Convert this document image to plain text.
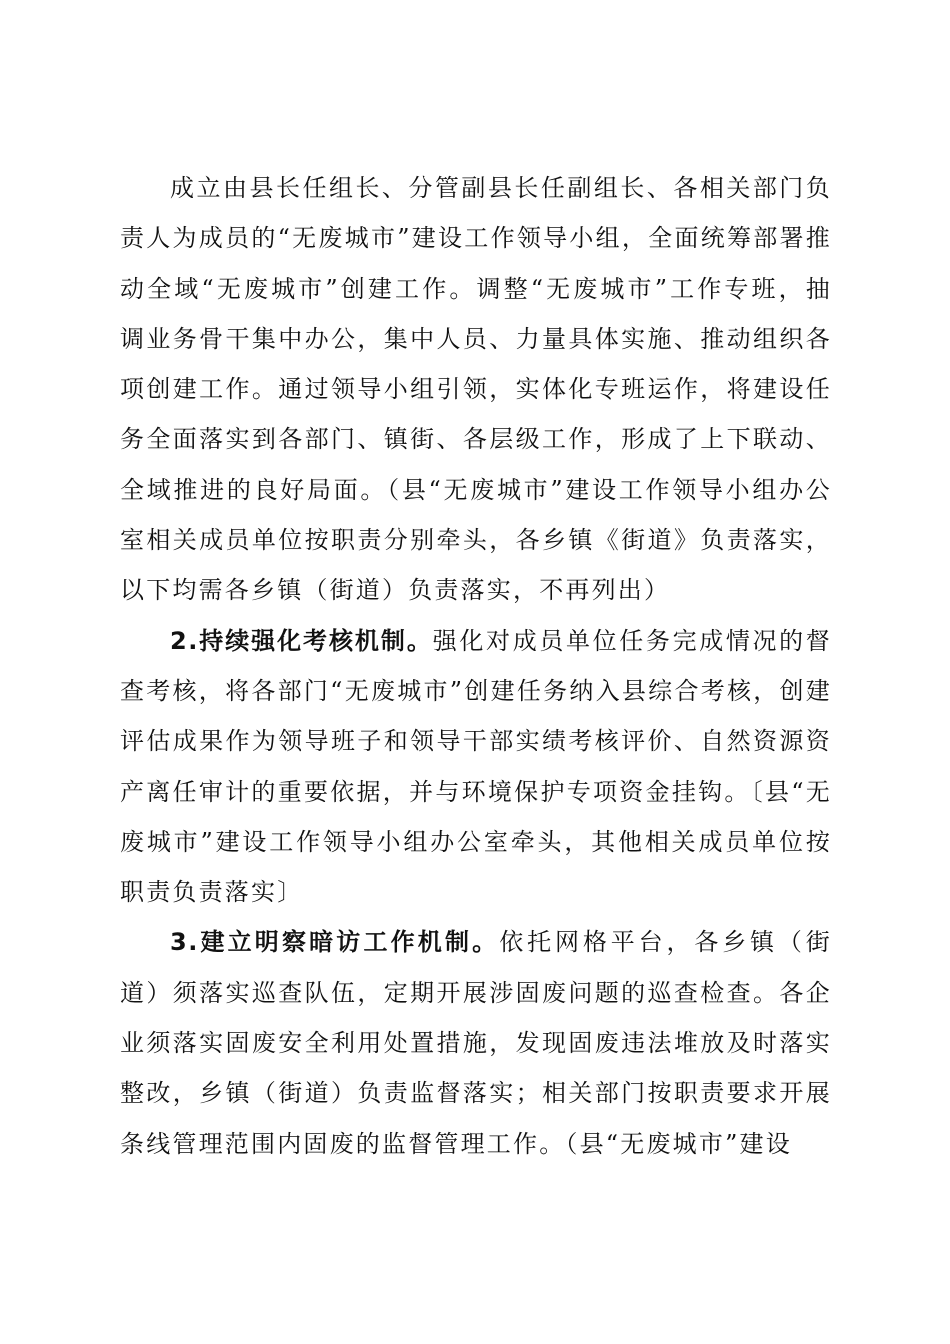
成立由县长任组长、分管副县长任副组长、各相关部门负责人为成员的“无废城市”建设工作领导小组，全面统筹部署推动全域“无废城市”创建工作。调整“无废城市”工作专班，抽调业务骨干集中办公，集中人员、力量具体实施、推动组织各项创建工作。通过领导小组引领，实体化专班运作，将建设任务全面落实到各部门、镇街、各层级工作，形成了上下联动、全域推进的良好局面。（县“无废城市”建设工作领导小组办公室相关成员单位按职责分别牵头，各乡镇《街道》负责落实，以下均需各乡镇（街道）负责落实，不再列出）

2.持续强化考核机制。强化对成员单位任务完成情况的督查考核，将各部门“无废城市”创建任务纳入县综合考核，创建评估成果作为领导班子和领导干部实绩考核评价、自然资源资产离任审计的重要依据，并与环境保护专项资金挂钩。〔县“无废城市”建设工作领导小组办公室牵头，其他相关成员单位按职责负责落实〕

3.建立明察暗访工作机制。依托网格平台，各乡镇（街道）须落实巡查队伍，定期开展涉固废问题的巡查检查。各企业须落实固废安全利用处置措施，发现固废违法堆放及时落实整改，乡镇（街道）负责监督落实；相关部门按职责要求开展条线管理范围内固废的监督管理工作。（县“无废城市”建设
